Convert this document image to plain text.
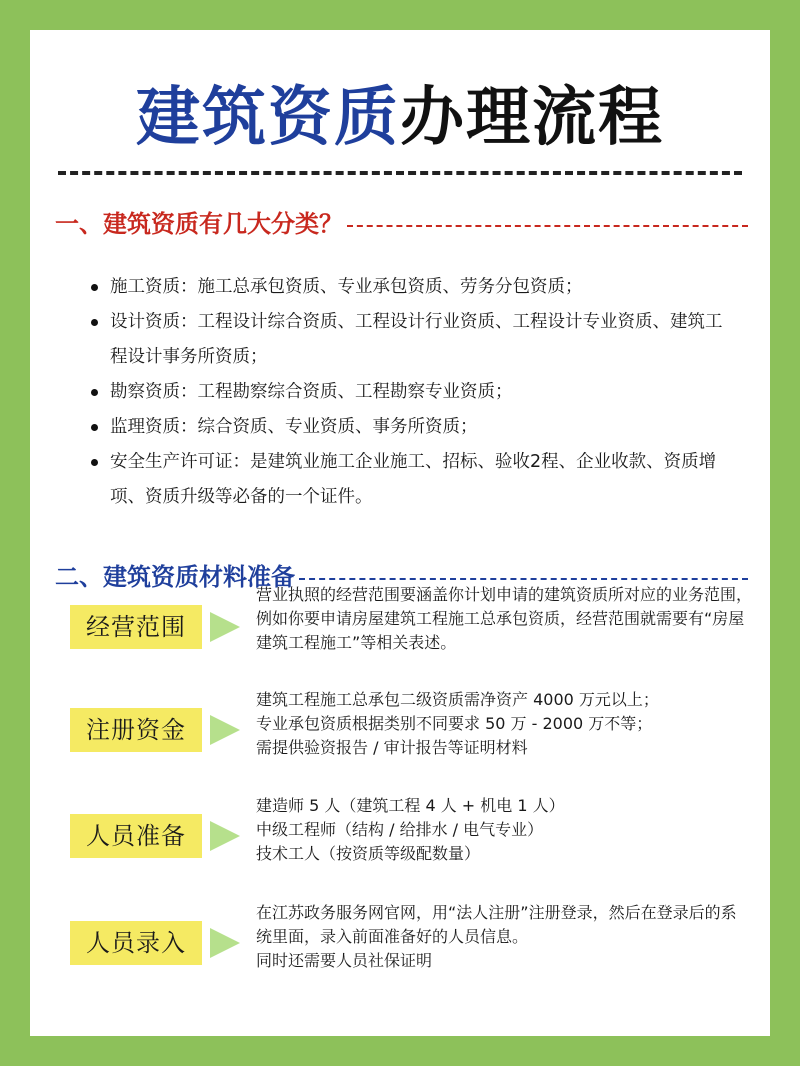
建筑资质办理流程
一、建筑资质有几大分类？
施工资质：施工总承包资质、专业承包资质、劳务分包资质；
设计资质：工程设计综合资质、工程设计行业资质、工程设计专业资质、建筑工程设计事务所资质；
勘察资质：工程勘察综合资质、工程勘察专业资质；
监理资质：综合资质、专业资质、事务所资质；
安全生产许可证：是建筑业施工企业施工、招标、验收2程、企业收款、资质增项、资质升级等必备的一个证件。
二、建筑资质材料准备
经营范围
营业执照的经营范围要涵盖你计划申请的建筑资质所对应的业务范围，例如你要申请房屋建筑工程施工总承包资质，经营范围就需要有“房屋建筑工程施工”等相关表述。
注册资金
建筑工程施工总承包二级资质需净资产 4000 万元以上；
专业承包资质根据类别不同要求 50 万 - 2000 万不等；
需提供验资报告 / 审计报告等证明材料
人员准备
建造师 5 人（建筑工程 4 人 + 机电 1 人）
中级工程师（结构 / 给排水 / 电气专业）
技术工人（按资质等级配数量）
人员录入
在江苏政务服务网官网，用“法人注册”注册登录，然后在登录后的系统里面，录入前面准备好的人员信息。
同时还需要人员社保证明
